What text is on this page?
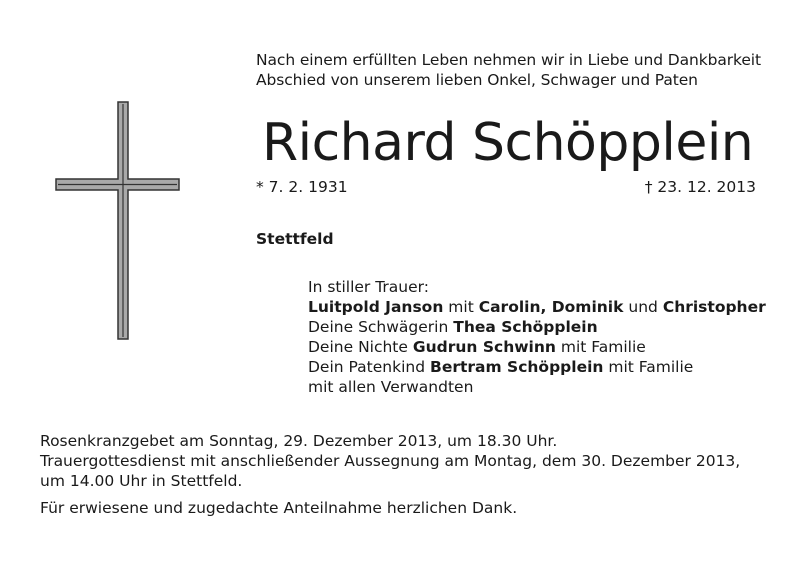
Nach einem erfüllten Leben nehmen wir in Liebe und Dankbarkeit
Abschied von unserem lieben Onkel, Schwager und Paten
Richard Schöpplein
* 7. 2. 1931	† 23. 12. 2013
Stettfeld
In stiller Trauer:
Luitpold Janson mit Carolin, Dominik und Christopher
Deine Schwägerin Thea Schöpplein
Deine Nichte Gudrun Schwinn mit Familie
Dein Patenkind Bertram Schöpplein mit Familie
mit allen Verwandten
Rosenkranzgebet am Sonntag, 29. Dezember 2013, um 18.30 Uhr.
Trauergottesdienst mit anschließender Aussegnung am Montag, dem 30. Dezember 2013,
um 14.00 Uhr in Stettfeld.
Für erwiesene und zugedachte Anteilnahme herzlichen Dank.
